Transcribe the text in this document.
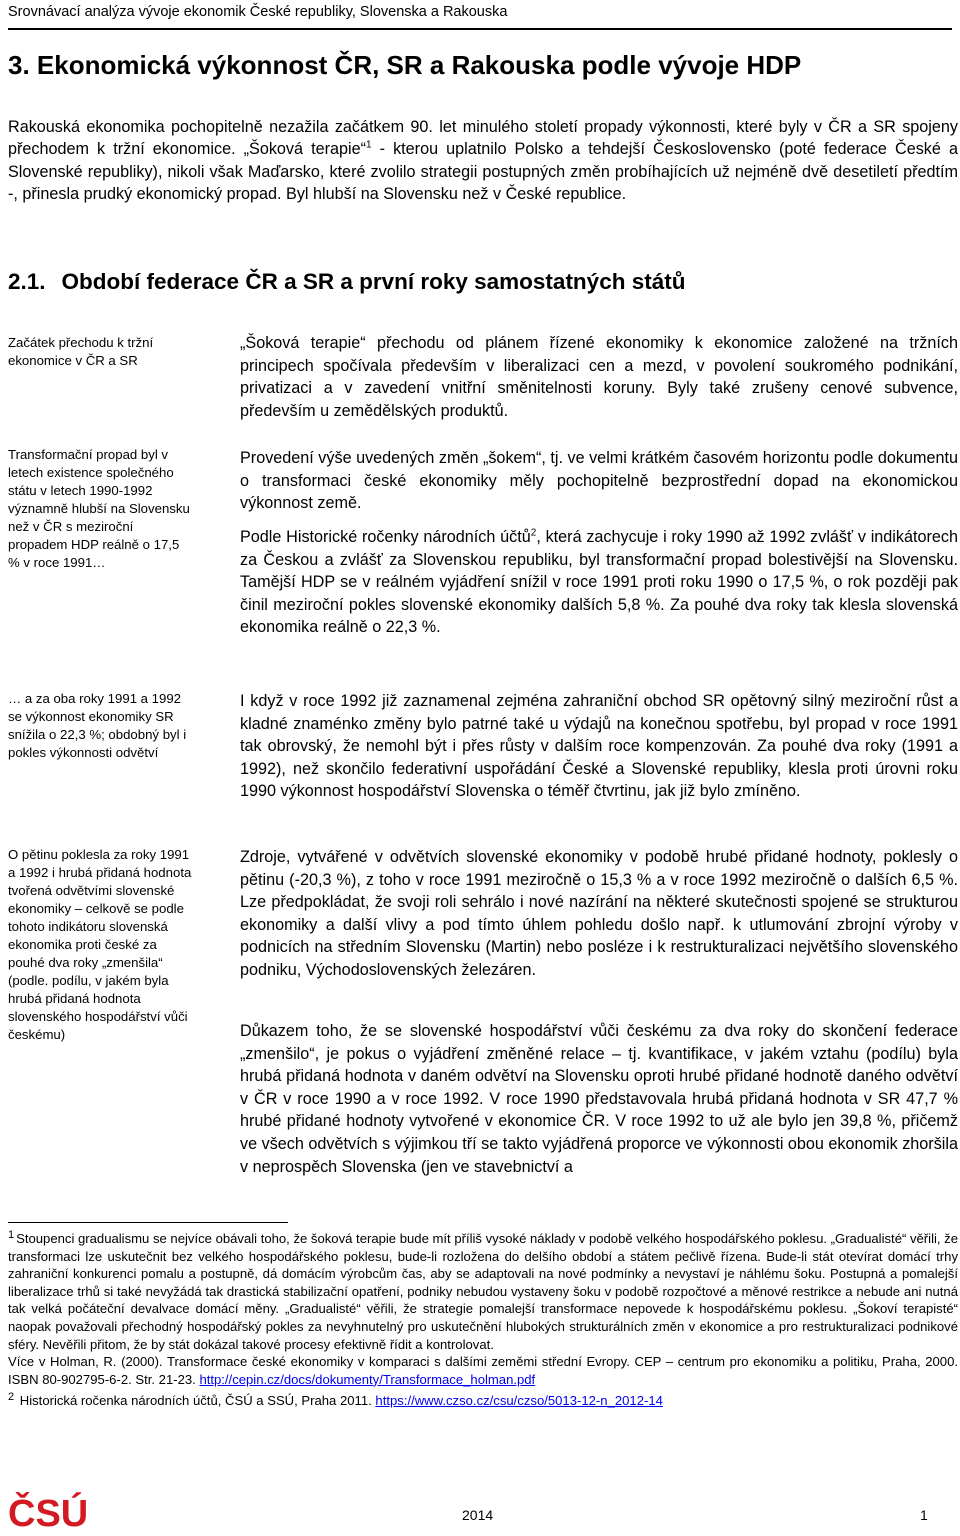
Srovnávací analýza vývoje ekonomik České republiky, Slovenska a Rakouska
3. Ekonomická výkonnost ČR, SR a Rakouska podle vývoje HDP
Rakouská ekonomika pochopitelně nezažila začátkem 90. let minulého století propady výkonnosti, které byly v ČR a SR spojeny přechodem k tržní ekonomice. „Šoková terapie“$^1$ - kterou uplatnilo Polsko a tehdejší Československo (poté federace České a Slovenské republiky), nikoli však Maďarsko, které zvolilo strategii postupných změn probíhajících už nejméně dvě desetiletí předtím -, přinesla prudký ekonomický propad. Byl hlubší na Slovensku než v České republice.
2.1. Období federace ČR a SR a první roky samostatných států
Začátek přechodu k tržní ekonomice v ČR a SR
Transformační propad byl v letech existence společného státu v letech 1990-1992 významně hlubší na Slovensku než v ČR s meziroční propadem HDP reálně o 17,5 % v roce 1991…
… a za oba roky 1991 a 1992 se výkonnost ekonomiky SR snížila o 22,3 %; obdobný byl i pokles výkonnosti odvětví
O pětinu poklesla za roky 1991 a 1992 i hrubá přidaná hodnota tvořená odvětvími slovenské ekonomiky – celkově se podle tohoto indikátoru slovenská ekonomika proti české za pouhé dva roky „zmenšila“ (podle. podílu, v jakém byla hrubá přidaná hodnota slovenského hospodářství vůči českému)
„Šoková terapie“ přechodu od plánem řízené ekonomiky k ekonomice založené na tržních principech spočívala především v liberalizaci cen a mezd, v povolení soukromého podnikání, privatizaci a v zavedení vnitřní směnitelnosti koruny. Byly také zrušeny cenové subvence, především u zemědělských produktů.
Provedení výše uvedených změn „šokem“, tj. ve velmi krátkém časovém horizontu podle dokumentu o transformaci české ekonomiky měly pochopitelně bezprostřední dopad na ekonomickou výkonnost země.
Podle Historické ročenky národních účtů$^2$, která zachycuje i roky 1990 až 1992 zvlášť v indikátorech za Českou a zvlášť za Slovenskou republiku, byl transformační propad bolestivější na Slovensku. Tamější HDP se v reálném vyjádření snížil v roce 1991 proti roku 1990 o 17,5 %, o rok později pak činil meziroční pokles slovenské ekonomiky dalších 5,8 %. Za pouhé dva roky tak klesla slovenská ekonomika reálně o 22,3 %.
I když v roce 1992 již zaznamenal zejména zahraniční obchod SR opětovný silný meziroční růst a kladné znaménko změny bylo patrné také u výdajů na konečnou spotřebu, byl propad v roce 1991 tak obrovský, že nemohl být i přes růsty v dalším roce kompenzován. Za pouhé dva roky (1991 a 1992), než skončilo federativní uspořádání České a Slovenské republiky, klesla proti úrovni roku 1990 výkonnost hospodářství Slovenska o téměř čtvrtinu, jak již bylo zmíněno.
Zdroje, vytvářené v odvětvích slovenské ekonomiky v podobě hrubé přidané hodnoty, poklesly o pětinu (-20,3 %), z toho v roce 1991 meziročně o 15,3 % a v roce 1992 meziročně o dalších 6,5 %. Lze předpokládat, že svoji roli sehrálo i nové nazírání na některé skutečnosti spojené se strukturou ekonomiky a další vlivy a pod tímto úhlem pohledu došlo např. k utlumování zbrojní výroby v podnicích na středním Slovensku (Martin) nebo posléze i k restrukturalizaci největšího slovenského podniku, Východoslovenských železáren.
Důkazem toho, že se slovenské hospodářství vůči českému za dva roky do skončení federace „zmenšilo“, je pokus o vyjádření změněné relace – tj. kvantifikace, v jakém vztahu (podílu) byla hrubá přidaná hodnota v daném odvětví na Slovensku oproti hrubé přidané hodnotě daného odvětví v ČR v roce 1990 a v roce 1992. V roce 1990 představovala hrubá přidaná hodnota v SR 47,7 % hrubé přidané hodnoty vytvořené v ekonomice ČR. V roce 1992 to už ale bylo jen 39,8 %, přičemž ve všech odvětvích s výjimkou tří se takto vyjádřená proporce ve výkonnosti obou ekonomik zhoršila v neprospěch Slovenska (jen ve stavebnictví a

$^1$ Stoupenci gradualismu se nejvíce obávali toho, že šoková terapie bude mít příliš vysoké náklady v podobě velkého hospodářského poklesu. „Gradualisté“ věřili, že transformaci lze uskutečnit bez velkého hospodářského poklesu, bude-li rozložena do delšího období a státem pečlivě řízena. Bude-li stát otevírat domácí trhy zahraniční konkurenci pomalu a postupně, dá domácím výrobcům čas, aby se adaptovali na nové podmínky a nevystaví je náhlému šoku. Postupná a pomalejší liberalizace trhů si také nevyžádá tak drastická stabilizační opatření, podniky nebudou vystaveny šoku v podobě rozpočtové a měnové restrikce a nebude ani nutná tak velká počáteční devalvace domácí měny. „Gradualisté“ věřili, že strategie pomalejší transformace nepovede k hospodářskému poklesu. „Šokoví terapisté“ naopak považovali přechodný hospodářský pokles za nevyhnutelný pro uskutečnění hlubokých strukturálních změn v ekonomice a pro restrukturalizaci podnikové sféry. Nevěřili přitom, že by stát dokázal takové procesy efektivně řídit a kontrolovat.
Více v Holman, R. (2000). Transformace české ekonomiky v komparaci s dalšími zeměmi střední Evropy. CEP – centrum pro ekonomiku a politiku, Praha, 2000. ISBN 80-902795-6-2. Str. 21-23. http://cepin.cz/docs/dokumenty/Transformace_holman.pdf

$^2$ Historická ročenka národních účtů, ČSÚ a SSÚ, Praha 2011. https://www.czso.cz/csu/czso/5013-12-n_2012-14

ČSÚ	2014	1
